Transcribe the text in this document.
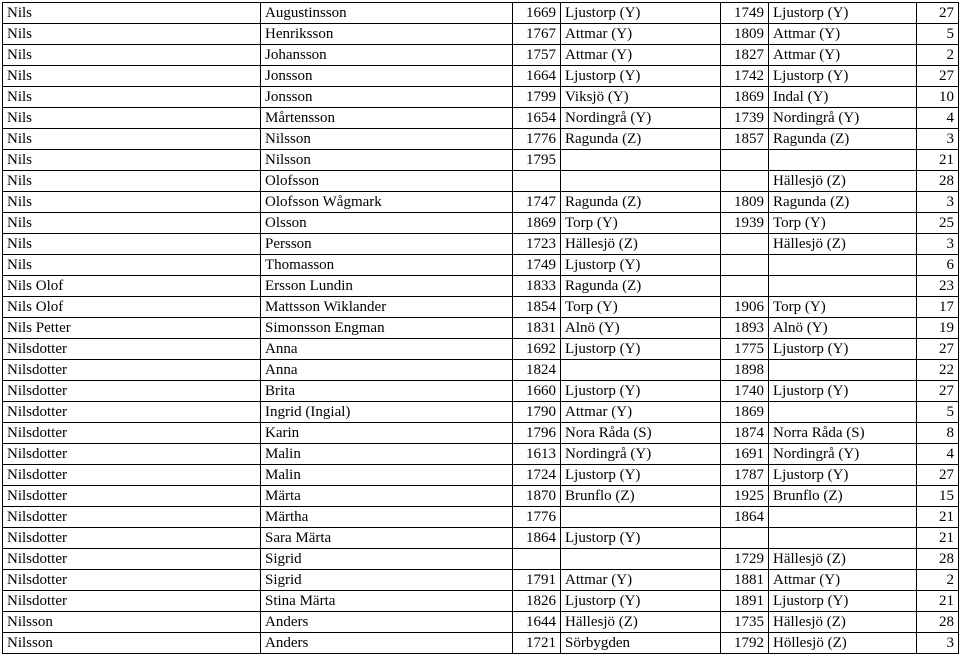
Nils	Augustinsson	1669	Ljustorp (Y)	1749	Ljustorp (Y)	27
Nils	Henriksson	1767	Attmar (Y)	1809	Attmar (Y)	5
Nils	Johansson	1757	Attmar (Y)	1827	Attmar (Y)	2
Nils	Jonsson	1664	Ljustorp (Y)	1742	Ljustorp (Y)	27
Nils	Jonsson	1799	Viksjö (Y)	1869	Indal (Y)	10
Nils	Mårtensson	1654	Nordingrå (Y)	1739	Nordingrå (Y)	4
Nils	Nilsson	1776	Ragunda (Z)	1857	Ragunda (Z)	3
Nils	Nilsson	1795				21
Nils	Olofsson				Hällesjö (Z)	28
Nils	Olofsson Wågmark	1747	Ragunda (Z)	1809	Ragunda (Z)	3
Nils	Olsson	1869	Torp (Y)	1939	Torp (Y)	25
Nils	Persson	1723	Hällesjö (Z)		Hällesjö (Z)	3
Nils	Thomasson	1749	Ljustorp (Y)			6
Nils Olof	Ersson Lundin	1833	Ragunda (Z)			23
Nils Olof	Mattsson Wiklander	1854	Torp (Y)	1906	Torp (Y)	17
Nils Petter	Simonsson Engman	1831	Alnö (Y)	1893	Alnö (Y)	19
Nilsdotter	Anna	1692	Ljustorp (Y)	1775	Ljustorp (Y)	27
Nilsdotter	Anna	1824		1898		22
Nilsdotter	Brita	1660	Ljustorp (Y)	1740	Ljustorp (Y)	27
Nilsdotter	Ingrid (Ingial)	1790	Attmar (Y)	1869		5
Nilsdotter	Karin	1796	Nora Råda (S)	1874	Norra Råda (S)	8
Nilsdotter	Malin	1613	Nordingrå (Y)	1691	Nordingrå (Y)	4
Nilsdotter	Malin	1724	Ljustorp (Y)	1787	Ljustorp (Y)	27
Nilsdotter	Märta	1870	Brunflo (Z)	1925	Brunflo (Z)	15
Nilsdotter	Märtha	1776		1864		21
Nilsdotter	Sara Märta	1864	Ljustorp (Y)			21
Nilsdotter	Sigrid			1729	Hällesjö (Z)	28
Nilsdotter	Sigrid	1791	Attmar (Y)	1881	Attmar (Y)	2
Nilsdotter	Stina Märta	1826	Ljustorp (Y)	1891	Ljustorp (Y)	21
Nilsson	Anders	1644	Hällesjö (Z)	1735	Hällesjö (Z)	28
Nilsson	Anders	1721	Sörbygden	1792	Höllesjö (Z)	3
